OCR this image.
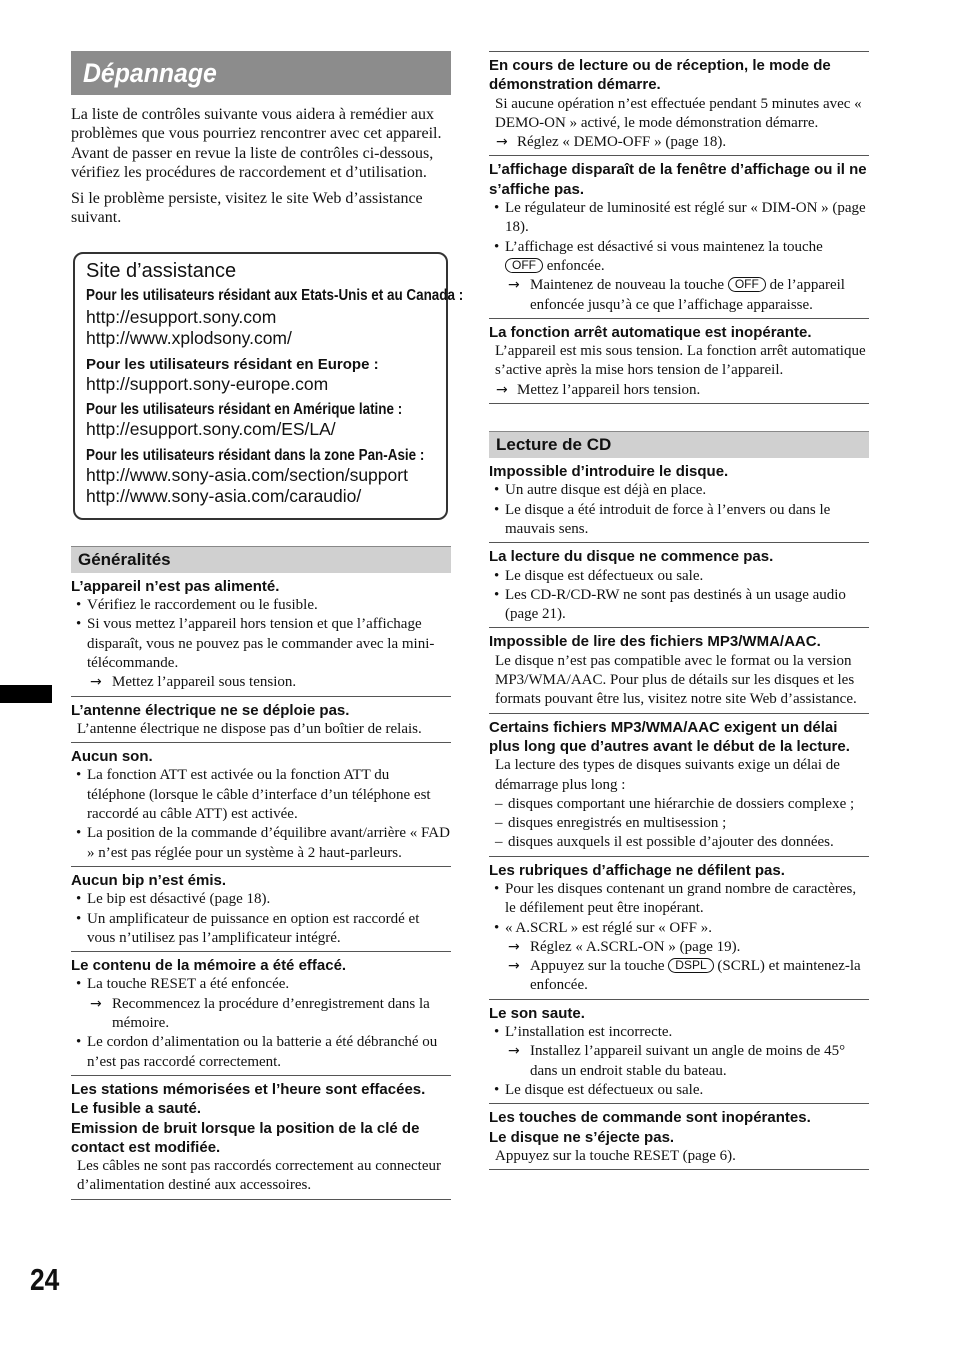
24
Dépannage

La liste de contrôles suivante vous aidera à remédier aux problèmes que vous pourriez rencontrer avec cet appareil.

Avant de passer en revue la liste de contrôles ci-dessous, vérifiez les procédures de raccordement et d’utilisation.

Si le problème persiste, visitez le site Web d’assistance suivant.

Site d’assistance
Pour les utilisateurs résidant aux Etats-Unis et au Canada :
http://esupport.sony.com
http://www.xplodsony.com/
Pour les utilisateurs résidant en Europe :
http://support.sony-europe.com
Pour les utilisateurs résidant en Amérique latine :
http://esupport.sony.com/ES/LA/
Pour les utilisateurs résidant dans la zone Pan-Asie :
http://www.sony-asia.com/section/support
http://www.sony-asia.com/caraudio/
Généralités

L’appareil n’est pas alimenté.

• Vérifiez le raccordement ou le fusible.

• Si vous mettez l’appareil hors tension et que l’affichage disparaît, vous ne pouvez pas le commander avec la mini-télécommande.

→ Mettez l’appareil sous tension.

L’antenne électrique ne se déploie pas.

L’antenne électrique ne dispose pas d’un boîtier de relais.

Aucun son.

• La fonction ATT est activée ou la fonction ATT du téléphone (lorsque le câble d’interface d’un téléphone est raccordé au câble ATT) est activée.

• La position de la commande d’équilibre avant/arrière « FAD » n’est pas réglée pour un système à 2 haut-parleurs.

Aucun bip n’est émis.

• Le bip est désactivé (page 18).

• Un amplificateur de puissance en option est raccordé et vous n’utilisez pas l’amplificateur intégré.

Le contenu de la mémoire a été effacé.

• La touche RESET a été enfoncée.

→ Recommencez la procédure d’enregistrement dans la mémoire.

• Le cordon d’alimentation ou la batterie a été débranché ou n’est pas raccordé correctement.

Les stations mémorisées et l’heure sont effacées.

Le fusible a sauté.

Emission de bruit lorsque la position de la clé de contact est modifiée.

Les câbles ne sont pas raccordés correctement au connecteur d’alimentation destiné aux accessoires.

En cours de lecture ou de réception, le mode de démonstration démarre.

Si aucune opération n’est effectuée pendant 5 minutes avec « DEMO-ON » activé, le mode démonstration démarre.

→ Réglez « DEMO-OFF » (page 18).

L’affichage disparaît de la fenêtre d’affichage ou il ne s’affiche pas.

• Le régulateur de luminosité est réglé sur « DIM-ON » (page 18).

• L’affichage est désactivé si vous maintenez la touche
OFF enfoncée.

→ Maintenez de nouveau la touche OFF de l’appareil enfoncée jusqu’à ce que l’affichage apparaisse.

La fonction arrêt automatique est inopérante.

L’appareil est mis sous tension. La fonction arrêt automatique s’active après la mise hors tension de l’appareil.

→ Mettez l’appareil hors tension.

Lecture de CD

Impossible d’introduire le disque.

• Un autre disque est déjà en place.

• Le disque a été introduit de force à l’envers ou dans le mauvais sens.

La lecture du disque ne commence pas.

• Le disque est défectueux ou sale.

• Les CD-R/CD-RW ne sont pas destinés à un usage audio (page 21).

Impossible de lire des fichiers MP3/WMA/AAC.

Le disque n’est pas compatible avec le format ou la version MP3/WMA/AAC. Pour plus de détails sur les disques et les formats pouvant être lus, visitez notre site Web d’assistance.

Certains fichiers MP3/WMA/AAC exigent un délai plus long que d’autres avant le début de la lecture.

La lecture des types de disques suivants exige un délai de démarrage plus long :

– disques comportant une hiérarchie de dossiers complexe ;

– disques enregistrés en multisession ;

– disques auxquels il est possible d’ajouter des données.

Les rubriques d’affichage ne défilent pas.

• Pour les disques contenant un grand nombre de caractères, le défilement peut être inopérant.

• « A.SCRL » est réglé sur « OFF ».

→ Réglez « A.SCRL-ON » (page 19).

→ Appuyez sur la touche DSPL (SCRL) et maintenez-la enfoncée.

Le son saute.

• L’installation est incorrecte.

→ Installez l’appareil suivant un angle de moins de 45° dans un endroit stable du bateau.

• Le disque est défectueux ou sale.

Les touches de commande sont inopérantes.

Le disque ne s’éjecte pas.

Appuyez sur la touche RESET (page 6).
